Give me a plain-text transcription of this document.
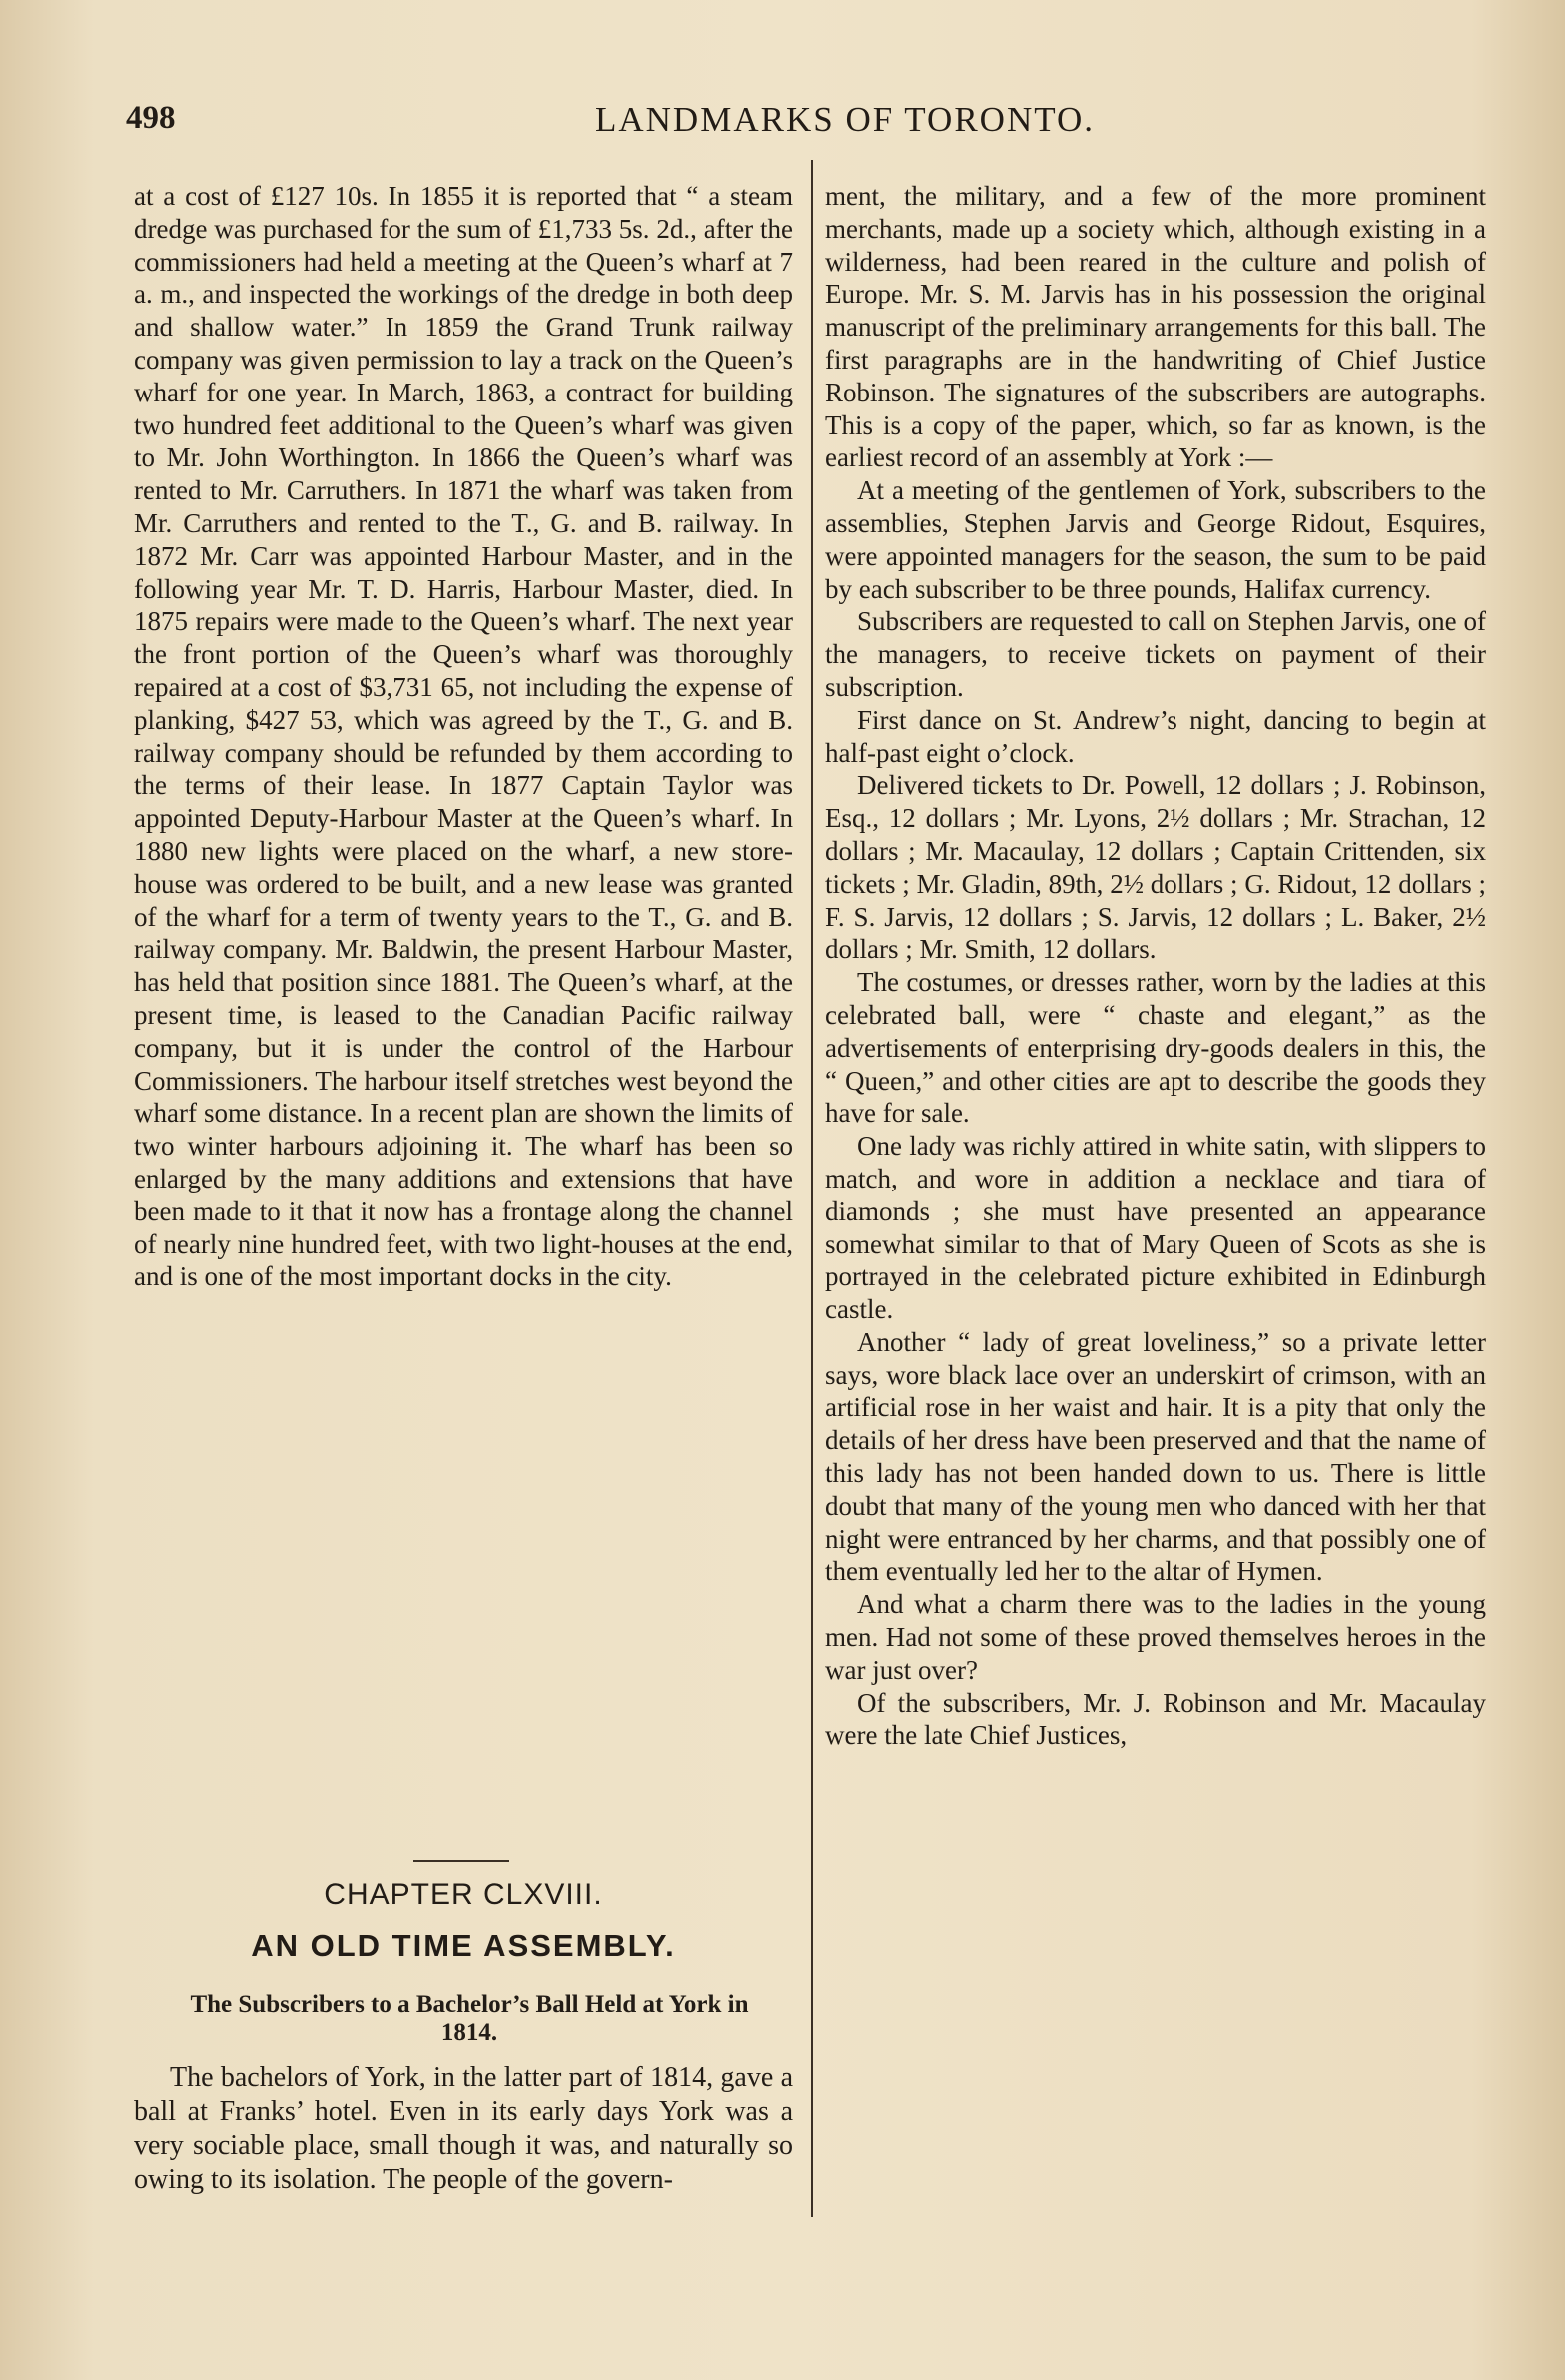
498	LANDMARKS OF TORONTO.

at a cost of £127 10s. In 1855 it is reported that “ a steam dredge was purchased for the sum of £1,733 5s. 2d., after the commissioners had held a meeting at the Queen’s wharf at 7 a. m., and inspected the workings of the dredge in both deep and shallow water.” In 1859 the Grand Trunk railway company was given permission to lay a track on the Queen’s wharf for one year. In March, 1863, a contract for building two hundred feet additional to the Queen’s wharf was given to Mr. John Worthington. In 1866 the Queen’s wharf was rented to Mr. Carruthers. In 1871 the wharf was taken from Mr. Carruthers and rented to the T., G. and B. railway. In 1872 Mr. Carr was appointed Harbour Master, and in the following year Mr. T. D. Harris, Harbour Master, died. In 1875 repairs were made to the Queen’s wharf. The next year the front portion of the Queen’s wharf was thoroughly repaired at a cost of $3,731 65, not including the expense of planking, $427 53, which was agreed by the T., G. and B. railway company should be refunded by them according to the terms of their lease. In 1877 Captain Taylor was appointed Deputy-Harbour Master at the Queen’s wharf. In 1880 new lights were placed on the wharf, a new store-house was ordered to be built, and a new lease was granted of the wharf for a term of twenty years to the T., G. and B. railway company. Mr. Baldwin, the present Harbour Master, has held that position since 1881. The Queen’s wharf, at the present time, is leased to the Canadian Pacific railway company, but it is under the control of the Harbour Commissioners. The harbour itself stretches west beyond the wharf some distance. In a recent plan are shown the limits of two winter harbours adjoining it. The wharf has been so enlarged by the many additions and extensions that have been made to it that it now has a frontage along the channel of nearly nine hundred feet, with two light-houses at the end, and is one of the most important docks in the city.

CHAPTER CLXVIII.
AN OLD TIME ASSEMBLY.
The Subscribers to a Bachelor’s Ball Held at York in 1814.

The bachelors of York, in the latter part of 1814, gave a ball at Franks’ hotel. Even in its early days York was a very sociable place, small though it was, and naturally so owing to its isolation. The people of the govern-

ment, the military, and a few of the more prominent merchants, made up a society which, although existing in a wilderness, had been reared in the culture and polish of Europe. Mr. S. M. Jarvis has in his possession the original manuscript of the preliminary arrangements for this ball. The first paragraphs are in the handwriting of Chief Justice Robinson. The signatures of the subscribers are autographs. This is a copy of the paper, which, so far as known, is the earliest record of an assembly at York :—

At a meeting of the gentlemen of York, subscribers to the assemblies, Stephen Jarvis and George Ridout, Esquires, were appointed managers for the season, the sum to be paid by each subscriber to be three pounds, Halifax currency.

Subscribers are requested to call on Stephen Jarvis, one of the managers, to receive tickets on payment of their subscription.

First dance on St. Andrew’s night, dancing to begin at half-past eight o’clock.

Delivered tickets to Dr. Powell, 12 dollars ; J. Robinson, Esq., 12 dollars ; Mr. Lyons, 2½ dollars ; Mr. Strachan, 12 dollars ; Mr. Macaulay, 12 dollars ; Captain Crittenden, six tickets ; Mr. Gladin, 89th, 2½ dollars ; G. Ridout, 12 dollars ; F. S. Jarvis, 12 dollars ; S. Jarvis, 12 dollars ; L. Baker, 2½ dollars ; Mr. Smith, 12 dollars.

The costumes, or dresses rather, worn by the ladies at this celebrated ball, were “ chaste and elegant,” as the advertisements of enterprising dry-goods dealers in this, the “ Queen,” and other cities are apt to describe the goods they have for sale.

One lady was richly attired in white satin, with slippers to match, and wore in addition a necklace and tiara of diamonds ; she must have presented an appearance somewhat similar to that of Mary Queen of Scots as she is portrayed in the celebrated picture exhibited in Edinburgh castle.

Another “ lady of great loveliness,” so a private letter says, wore black lace over an underskirt of crimson, with an artificial rose in her waist and hair. It is a pity that only the details of her dress have been preserved and that the name of this lady has not been handed down to us. There is little doubt that many of the young men who danced with her that night were entranced by her charms, and that possibly one of them eventually led her to the altar of Hymen.

And what a charm there was to the ladies in the young men. Had not some of these proved themselves heroes in the war just over?

Of the subscribers, Mr. J. Robinson and Mr. Macaulay were the late Chief Justices,
